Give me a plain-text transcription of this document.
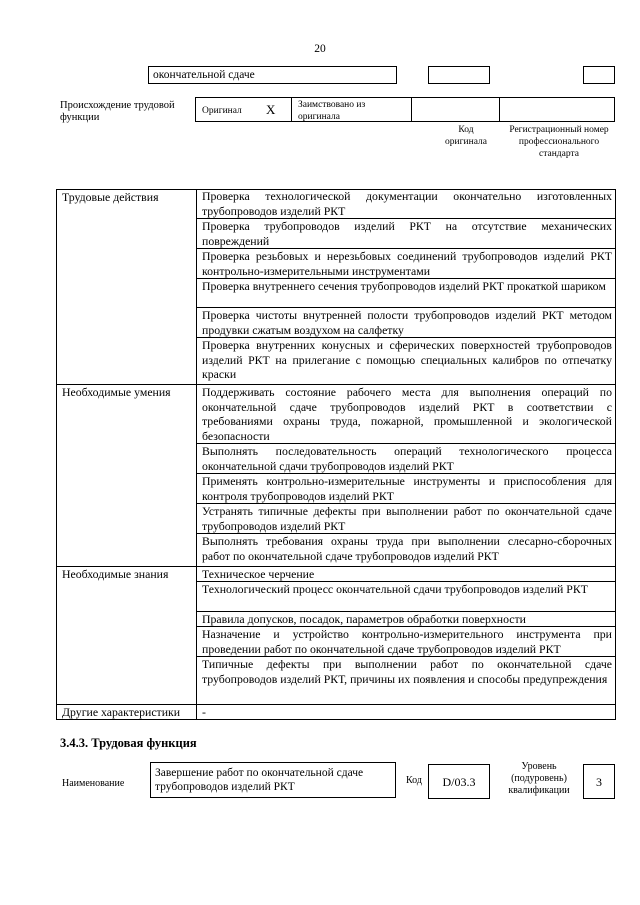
20
окончательной сдаче
Происхождение трудовой функции
Оригинал X Заимствовано из оригинала
Код оригинала
Регистрационный номер профессионального стандарта
Трудовые действия
Необходимые умения
Необходимые знания
Другие характеристики
Проверка технологической документации окончательно изготовленных трубопроводов изделий РКТ
Проверка трубопроводов изделий РКТ на отсутствие механических повреждений
Проверка резьбовых и нерезьбовых соединений трубопроводов изделий РКТ контрольно-измерительными инструментами
Проверка внутреннего сечения трубопроводов изделий РКТ прокаткой шариком
Проверка чистоты внутренней полости трубопроводов изделий РКТ методом продувки сжатым воздухом на салфетку
Проверка внутренних конусных и сферических поверхностей трубопроводов изделий РКТ на прилегание с помощью специальных калибров по отпечатку краски
Поддерживать состояние рабочего места для выполнения операций по окончательной сдаче трубопроводов изделий РКТ в соответствии с требованиями охраны труда, пожарной, промышленной и экологической безопасности
Выполнять последовательность операций технологического процесса окончательной сдачи трубопроводов изделий РКТ
Применять контрольно-измерительные инструменты и приспособления для контроля трубопроводов изделий РКТ
Устранять типичные дефекты при выполнении работ по окончательной сдаче трубопроводов изделий РКТ
Выполнять требования охраны труда при выполнении слесарно-сборочных работ по окончательной сдаче трубопроводов изделий РКТ
Техническое черчение
Технологический процесс окончательной сдачи трубопроводов изделий РКТ
Правила допусков, посадок, параметров обработки поверхности
Назначение и устройство контрольно-измерительного инструмента при проведении работ по окончательной сдаче трубопроводов изделий РКТ
Типичные дефекты при выполнении работ по окончательной сдаче трубопроводов изделий РКТ, причины их появления и способы предупреждения
-
3.4.3. Трудовая функция
Наименование
Завершение работ по окончательной сдаче трубопроводов изделий РКТ
Код	D/03.3
Уровень (подуровень) квалификации
3
